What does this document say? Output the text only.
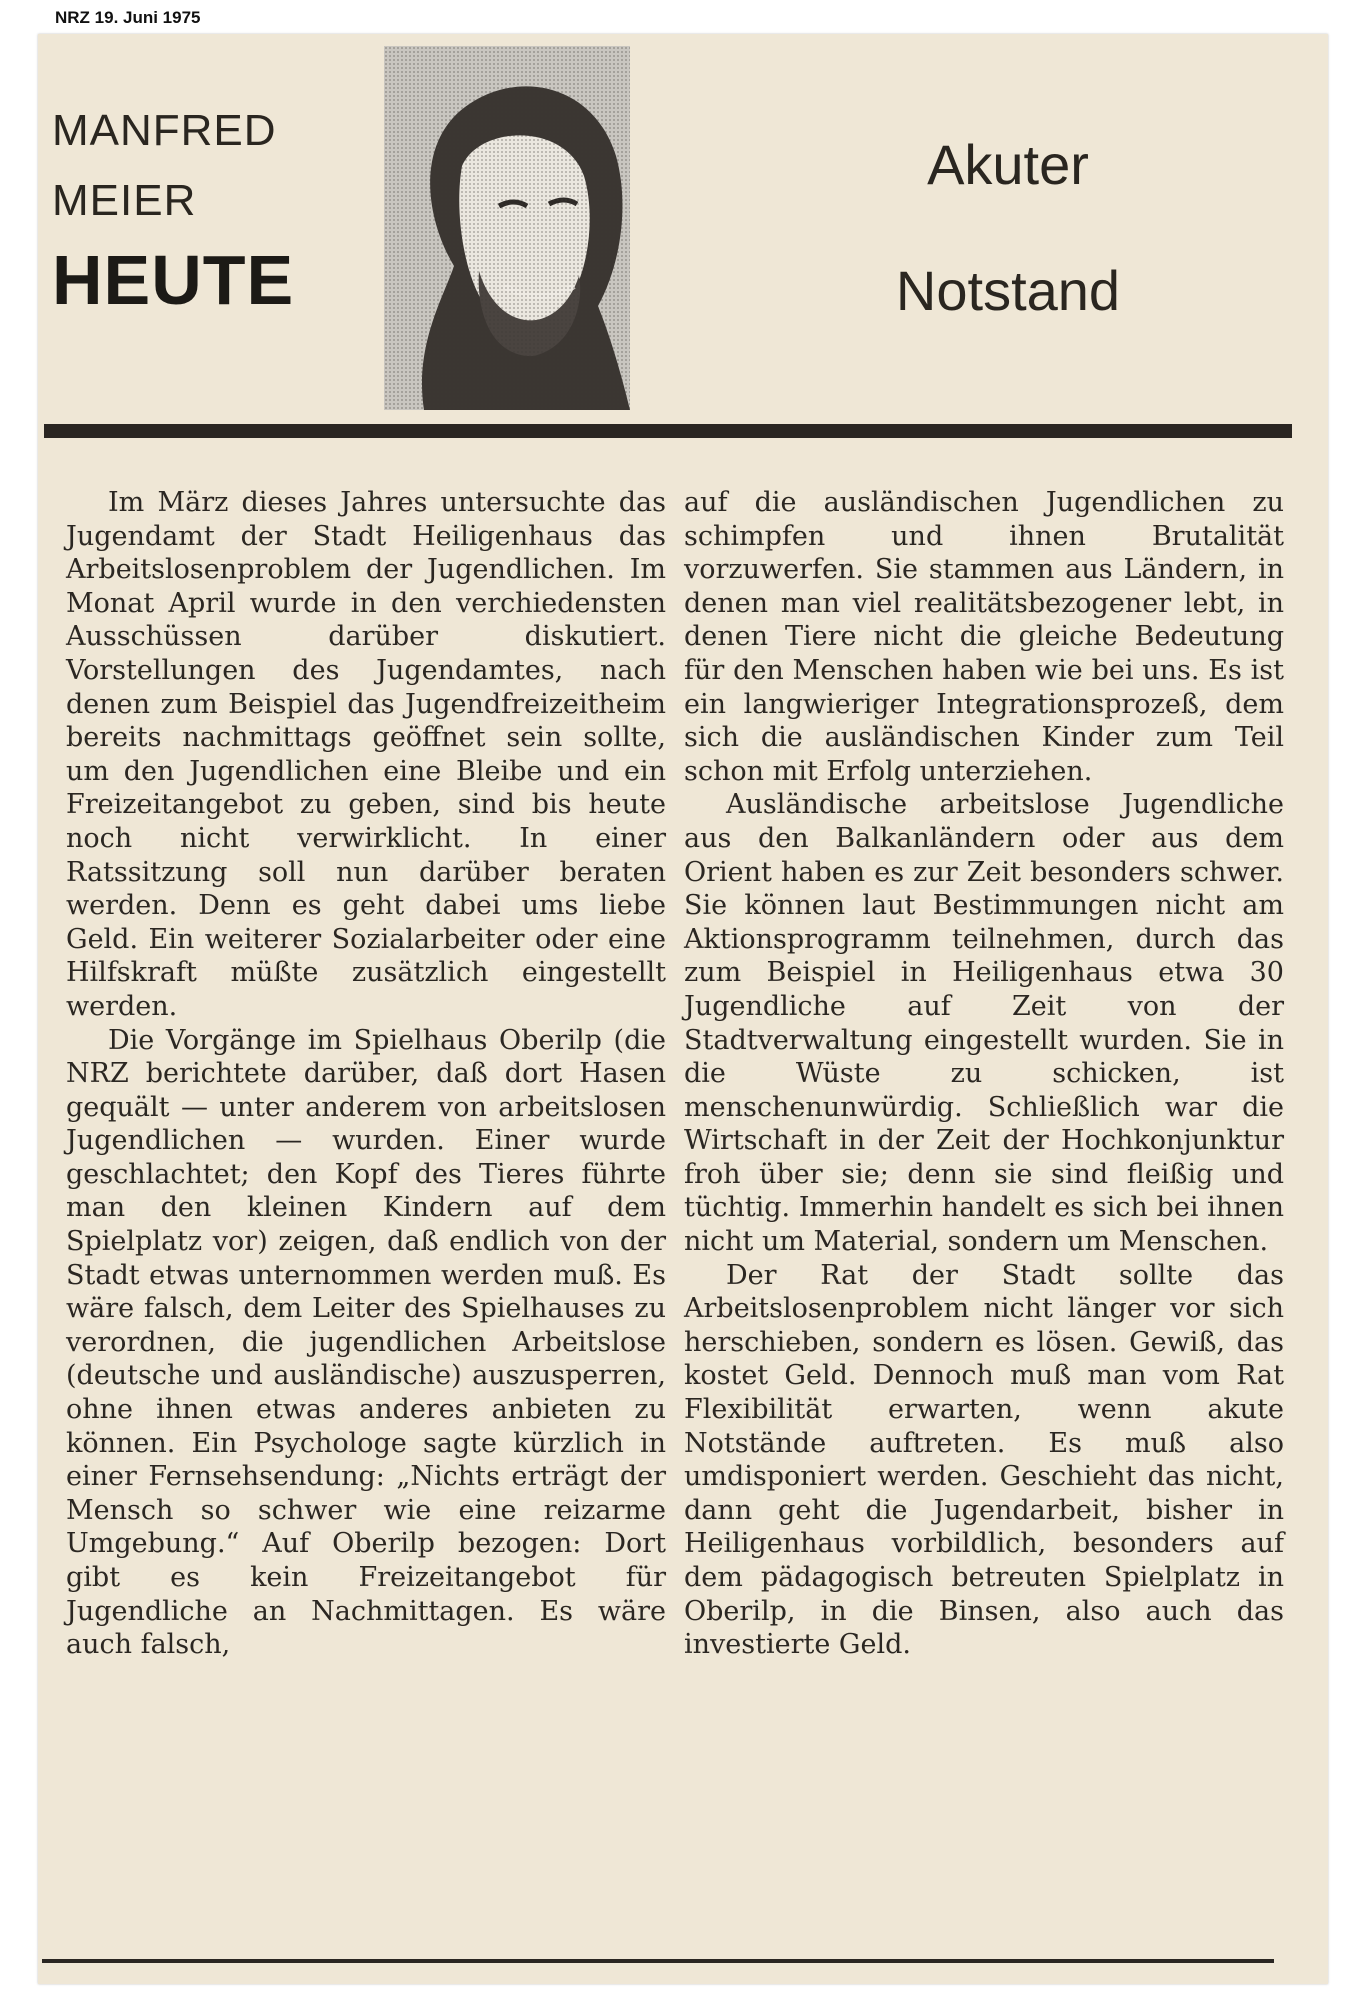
NRZ 19. Juni 1975
MANFRED
MEIER
HEUTE
Akuter
Notstand

Im März dieses Jahres untersuchte das Jugendamt der Stadt Heiligenhaus das Arbeitslosenproblem der Jugendlichen. Im Monat April wurde in den verchiedensten Ausschüssen darüber diskutiert. Vorstellungen des Jugendamtes, nach denen zum Beispiel das Jugendfreizeitheim bereits nachmittags geöffnet sein sollte, um den Jugendlichen eine Bleibe und ein Freizeitangebot zu geben, sind bis heute noch nicht verwirklicht. In einer Ratssitzung soll nun darüber beraten werden. Denn es geht dabei ums liebe Geld. Ein weiterer Sozialarbeiter oder eine Hilfskraft müßte zusätzlich eingestellt werden.

Die Vorgänge im Spielhaus Oberilp (die NRZ berichtete darüber, daß dort Hasen gequält — unter anderem von arbeitslosen Jugendlichen — wurden. Einer wurde geschlachtet; den Kopf des Tieres führte man den kleinen Kindern auf dem Spielplatz vor) zeigen, daß endlich von der Stadt etwas unternommen werden muß. Es wäre falsch, dem Leiter des Spielhauses zu verordnen, die jugendlichen Arbeitslose (deutsche und ausländische) auszusperren, ohne ihnen etwas anderes anbieten zu können. Ein Psychologe sagte kürzlich in einer Fernsehsendung: „Nichts erträgt der Mensch so schwer wie eine reizarme Umgebung.“ Auf Oberilp bezogen: Dort gibt es kein Freizeitangebot für Jugendliche an Nachmittagen. Es wäre auch falsch,

auf die ausländischen Jugendlichen zu schimpfen und ihnen Brutalität vorzuwerfen. Sie stammen aus Ländern, in denen man viel realitätsbezogener lebt, in denen Tiere nicht die gleiche Bedeutung für den Menschen haben wie bei uns. Es ist ein langwieriger Integrationsprozeß, dem sich die ausländischen Kinder zum Teil schon mit Erfolg unterziehen.

Ausländische arbeitslose Jugendliche aus den Balkanländern oder aus dem Orient haben es zur Zeit besonders schwer. Sie können laut Bestimmungen nicht am Aktionsprogramm teilnehmen, durch das zum Beispiel in Heiligenhaus etwa 30 Jugendliche auf Zeit von der Stadtverwaltung eingestellt wurden. Sie in die Wüste zu schicken, ist menschenunwürdig. Schließlich war die Wirtschaft in der Zeit der Hochkonjunktur froh über sie; denn sie sind fleißig und tüchtig. Immerhin handelt es sich bei ihnen nicht um Material, sondern um Menschen.

Der Rat der Stadt sollte das Arbeitslosenproblem nicht länger vor sich herschieben, sondern es lösen. Gewiß, das kostet Geld. Dennoch muß man vom Rat Flexibilität erwarten, wenn akute Notstände auftreten. Es muß also umdisponiert werden. Geschieht das nicht, dann geht die Jugendarbeit, bisher in Heiligenhaus vorbildlich, besonders auf dem pädagogisch betreuten Spielplatz in Oberilp, in die Binsen, also auch das investierte Geld.
